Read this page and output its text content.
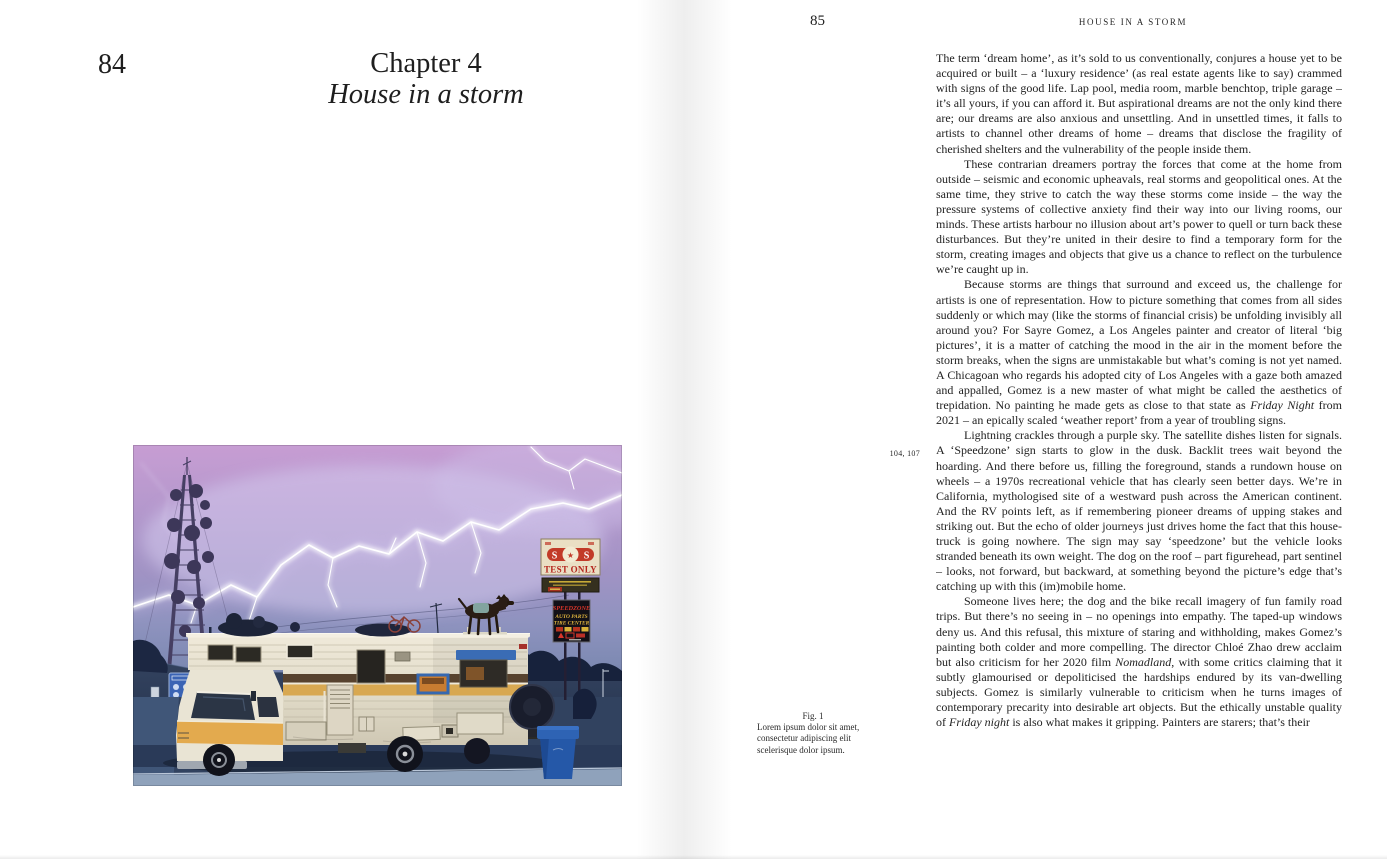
84	Chapter 4
House in a storm
S ★ S
TEST ONLY
SPEEDZONE
AUTO PARTS
TIRE CENTER
Fig. 1
Lorem ipsum dolor sit amet,
consectetur adipiscing elit
scelerisque dolor ipsum.
85	HOUSE IN A STORM
104, 107

The term ‘dream home’, as it’s sold to us conventionally, conjures a house yet to be acquired or built – a ‘luxury residence’ (as real estate agents like to say) crammed with signs of the good life. Lap pool, media room, marble benchtop, triple garage – it’s all yours, if you can afford it. But aspirational dreams are not the only kind there are; our dreams are also anxious and unsettling. And in unsettled times, it falls to artists to channel other dreams of home – dreams that disclose the fragility of cherished shelters and the vulnerability of the people inside them.

These contrarian dreamers portray the forces that come at the home from outside – seismic and economic upheavals, real storms and geopolitical ones. At the same time, they strive to catch the way these storms come inside – the way the pressure systems of collective anxiety find their way into our living rooms, our minds. These artists harbour no illusion about art’s power to quell or turn back these disturbances. But they’re united in their desire to find a temporary form for the storm, creating images and objects that give us a chance to reflect on the turbulence we’re caught up in.

Because storms are things that surround and exceed us, the challenge for artists is one of representation. How to picture something that comes from all sides suddenly or which may (like the storms of financial crisis) be unfolding invisibly all around you? For Sayre Gomez, a Los Angeles painter and creator of literal ‘big pictures’, it is a matter of catching the mood in the air in the moment before the storm breaks, when the signs are unmistakable but what’s coming is not yet named. A Chicagoan who regards his adopted city of Los Angeles with a gaze both amazed and appalled, Gomez is a new master of what might be called the aesthetics of trepidation. No painting he made gets as close to that state as Friday Night from 2021 – an epically scaled ‘weather report’ from a year of troubling signs.

Lightning crackles through a purple sky. The satellite dishes listen for signals. A ‘Speedzone’ sign starts to glow in the dusk. Backlit trees wait beyond the hoarding. And there before us, filling the foreground, stands a rundown house on wheels – a 1970s recreational vehicle that has clearly seen better days. We’re in California, mythologised site of a westward push across the American continent. And the RV points left, as if remembering pioneer dreams of upping stakes and striking out. But the echo of older journeys just drives home the fact that this house-truck is going nowhere. The sign may say ‘speedzone’ but the vehicle looks stranded beneath its own weight. The dog on the roof – part figurehead, part sentinel – looks, not forward, but backward, at something beyond the picture’s edge that’s catching up with this (im)mobile home.

Someone lives here; the dog and the bike recall imagery of fun family road trips. But there’s no seeing in – no openings into empathy. The taped-up windows deny us. And this refusal, this mixture of staring and withholding, makes Gomez’s painting both colder and more compelling. The director Chloé Zhao drew acclaim but also criticism for her 2020 film Nomadland, with some critics claiming that it subtly glamourised or depoliticised the hardships endured by its van-dwelling subjects. Gomez is similarly vulnerable to criticism when he turns images of contemporary precarity into desirable art objects. But the ethically unstable quality of Friday night is also what makes it gripping. Painters are starers; that’s their
